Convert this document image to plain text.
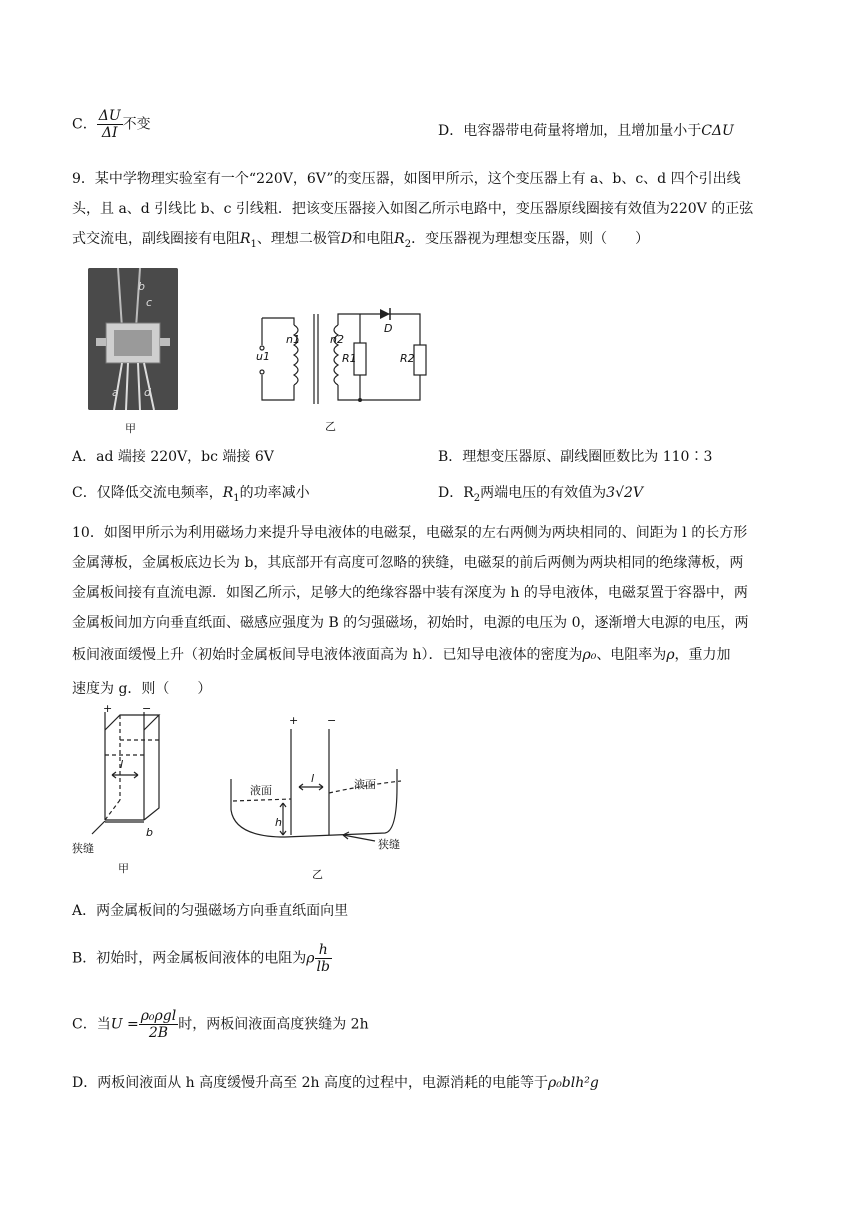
C． $\frac{\Delta U}{\Delta I}$ 不变	D．电容器带电荷量将增加，且增加量小于CΔU
9．某中学物理实验室有一个“220V，6V”的变压器，如图甲所示，这个变压器上有 a、b、c、d 四个引出线
头，且 a、d 引线比 b、c 引线粗．把该变压器接入如图乙所示电路中，变压器原线圈接有效值为220V 的正弦
式交流电，副线圈接有电阻$R_1$、理想二极管D和电阻$R_2$．变压器视为理想变压器，则（　　）
b
c
a d
甲
n1	n2
u1	R1	R2
D
乙
A．ad 端接 220V，bc 端接 6V	B．理想变压器原、副线圈匝数比为 110∶3
C．仅降低交流电频率，$R_1$的功率减小	D．$R_2$两端电压的有效值为3√2V
10．如图甲所示为利用磁场力来提升导电液体的电磁泵，电磁泵的左右两侧为两块相同的、间距为 l 的长方形
金属薄板，金属板底边长为 b，其底部开有高度可忽略的狭缝，电磁泵的前后两侧为两块相同的绝缘薄板，两
金属板间接有直流电源．如图乙所示，足够大的绝缘容器中装有深度为 h 的导电液体，电磁泵置于容器中，两
金属板间加方向垂直纸面、磁感应强度为 B 的匀强磁场，初始时，电源的电压为 0，逐渐增大电源的电压，两
板间液面缓慢上升（初始时金属板间导电液体液面高为 h）．已知导电液体的密度为ρ₀、电阻率为ρ，重力加
速度为 g．则（　　）
+	−
l
b
狭缝
甲
+	−
l
液面	液面
h
狭缝
乙
A．两金属板间的匀强磁场方向垂直纸面向里
B．初始时，两金属板间液体的电阻为ρ $\frac{h}{lb}$
C．当$U = \frac{\text{ρ₀ρgl}}{2B}$ 时，两板间液面高度狭缝为 2h
D．两板间液面从 h 高度缓慢升高至 2h 高度的过程中，电源消耗的电能等于ρ₀blh²g
